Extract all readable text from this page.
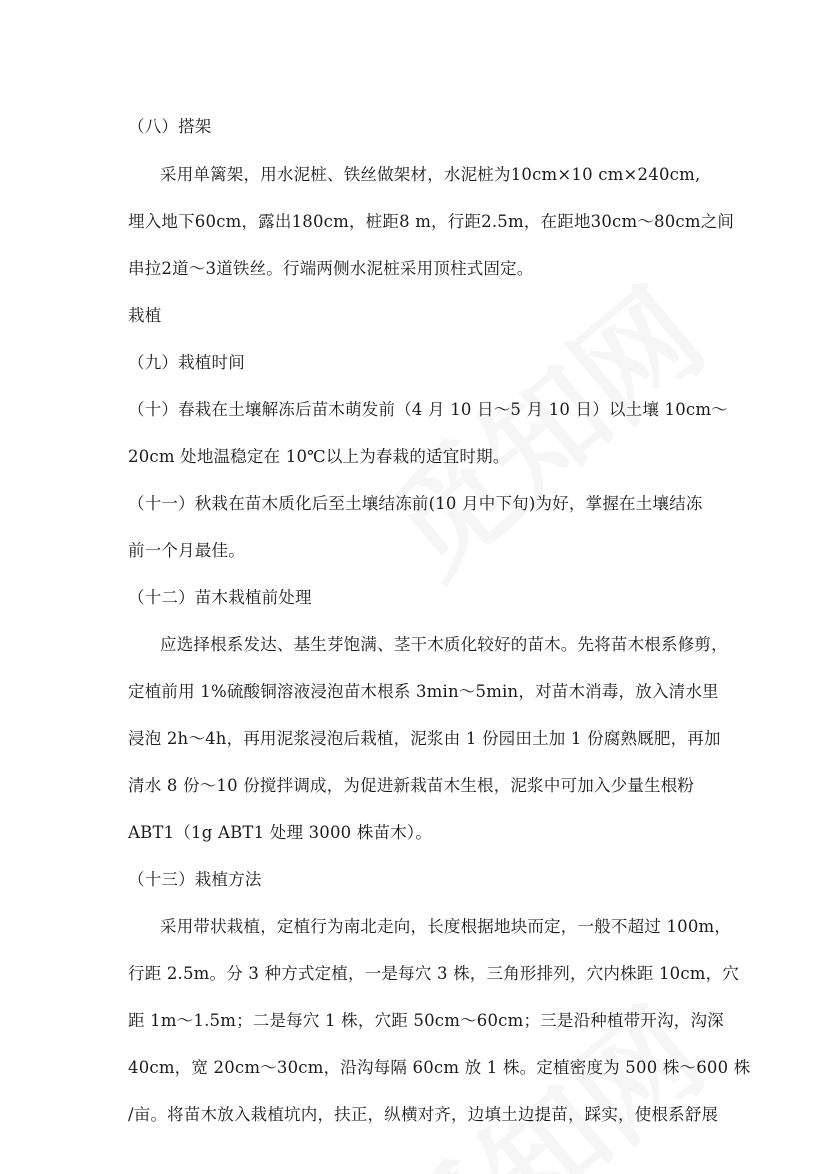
（八）搭架
采用单篱架，用水泥桩、铁丝做架材，水泥桩为10cm×10 cm×240cm,
埋入地下60cm，露出180cm，桩距8 m，行距2.5m，在距地30cm～80cm之间
串拉2道～3道铁丝。行端两侧水泥桩采用顶柱式固定。
栽植
（九）栽植时间
（十）春栽在土壤解冻后苗木萌发前（4 月 10 日～5 月 10 日）以土壤 10cm～
20cm 处地温稳定在 10℃以上为春栽的适宜时期。
（十一）秋栽在苗木质化后至土壤结冻前(10 月中下旬)为好，掌握在土壤结冻
前一个月最佳。
（十二）苗木栽植前处理
应选择根系发达、基生芽饱满、茎干木质化较好的苗木。先将苗木根系修剪，
定植前用 1%硫酸铜溶液浸泡苗木根系 3min～5min，对苗木消毒，放入清水里
浸泡 2h～4h，再用泥浆浸泡后栽植，泥浆由 1 份园田土加 1 份腐熟厩肥，再加
清水 8 份～10 份搅拌调成，为促进新栽苗木生根，泥浆中可加入少量生根粉
ABT1（1g ABT1 处理 3000 株苗木）。
（十三）栽植方法
采用带状栽植，定植行为南北走向，长度根据地块而定，一般不超过 100m，
行距 2.5m。分 3 种方式定植，一是每穴 3 株，三角形排列，穴内株距 10cm，穴
距 1m～1.5m；二是每穴 1 株，穴距 50cm～60cm；三是沿种植带开沟，沟深
40cm，宽 20cm～30cm，沿沟每隔 60cm 放 1 株。定植密度为 500 株～600 株
/亩。将苗木放入栽植坑内，扶正，纵横对齐，边填土边提苗，踩实，使根系舒展
